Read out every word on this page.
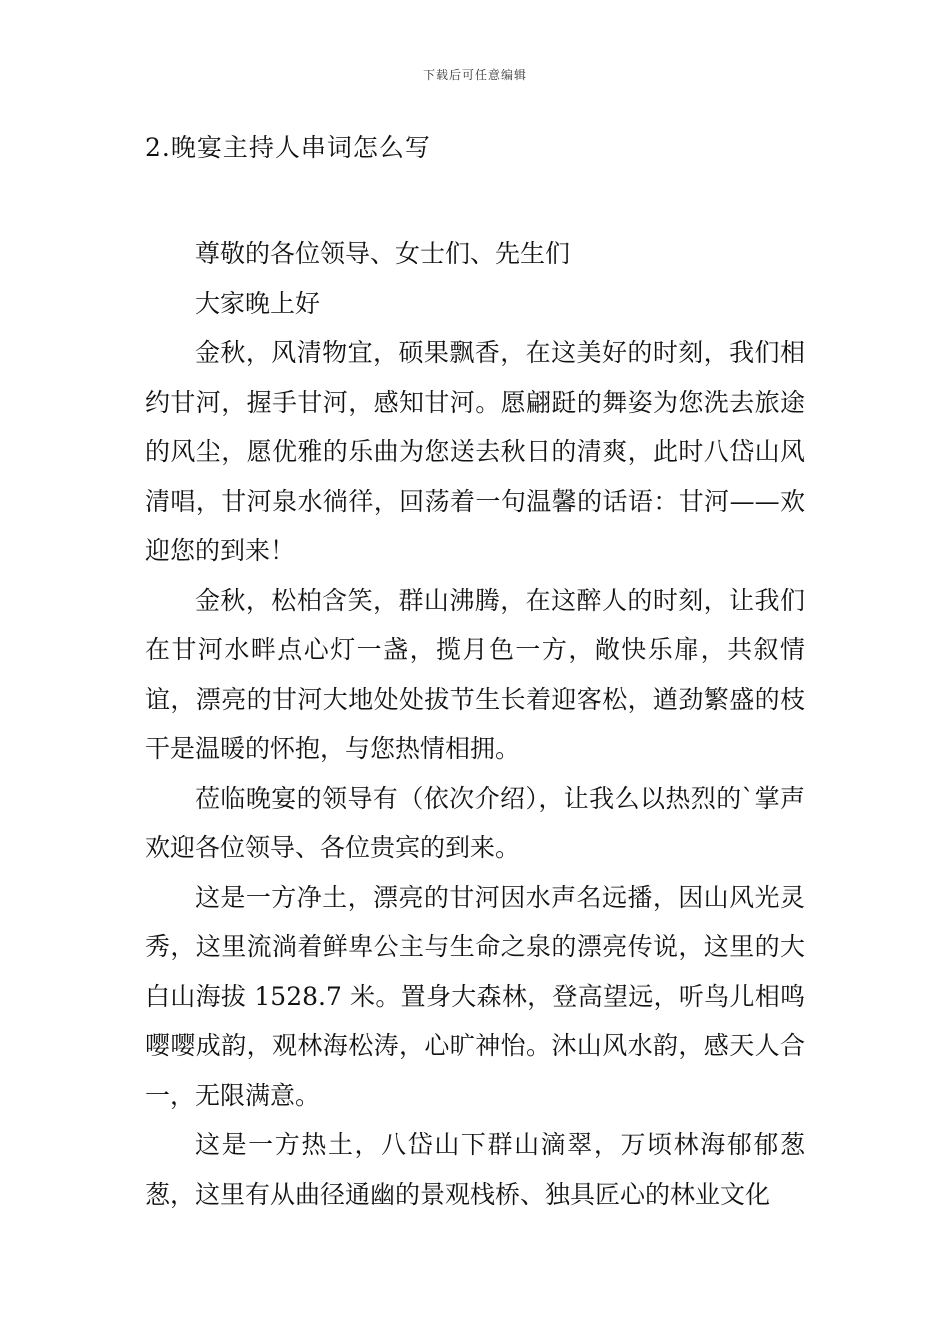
下载后可任意编辑
2.晚宴主持人串词怎么写

尊敬的各位领导、女士们、先生们

大家晚上好

金秋，风清物宜，硕果飘香，在这美好的时刻，我们相约甘河，握手甘河，感知甘河。愿翩跹的舞姿为您洗去旅途的风尘，愿优雅的乐曲为您送去秋日的清爽，此时八岱山风清唱，甘河泉水徜徉，回荡着一句温馨的话语：甘河——欢迎您的到来！

金秋，松柏含笑，群山沸腾，在这醉人的时刻，让我们在甘河水畔点心灯一盏，揽月色一方，敞快乐扉，共叙情谊，漂亮的甘河大地处处拔节生长着迎客松，遒劲繁盛的枝干是温暖的怀抱，与您热情相拥。

莅临晚宴的领导有（依次介绍），让我么以热烈的`掌声欢迎各位领导、各位贵宾的到来。

这是一方净土，漂亮的甘河因水声名远播，因山风光灵秀，这里流淌着鲜卑公主与生命之泉的漂亮传说，这里的大白山海拔 1528.7 米。置身大森林，登高望远，听鸟儿相鸣嘤嘤成韵，观林海松涛，心旷神怡。沐山风水韵，感天人合一，无限满意。

这是一方热土，八岱山下群山滴翠，万顷林海郁郁葱葱，这里有从曲径通幽的景观栈桥、独具匠心的林业文化
